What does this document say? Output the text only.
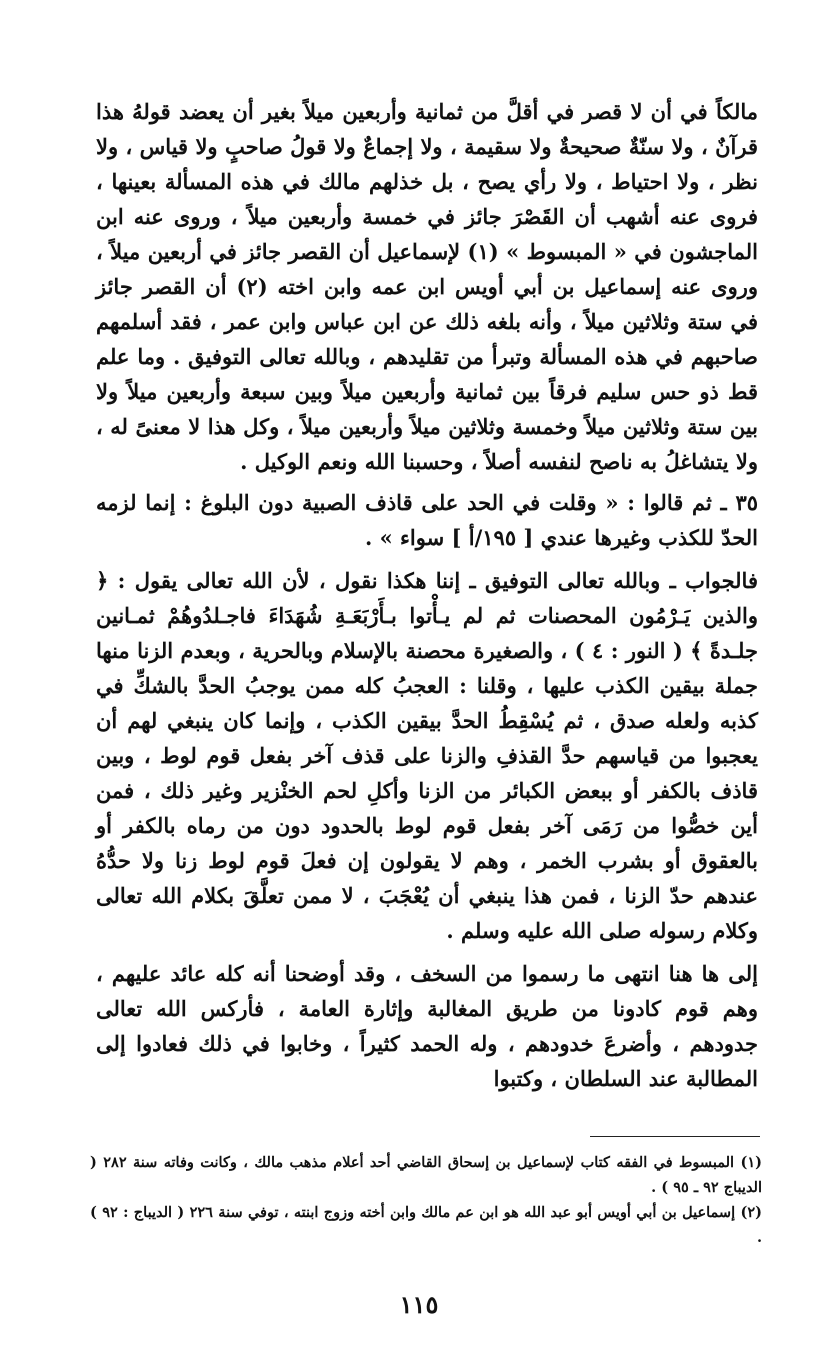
مالكاً في أن لا قصر في أقلَّ من ثمانية وأربعين ميلاً بغير أن يعضد قولهُ هذا قرآنٌ ، ولا سنّةٌ صحيحةٌ ولا سقيمة ، ولا إجماعٌ ولا قولُ صاحبٍ ولا قياس ، ولا نظر ، ولا احتياط ، ولا رأي يصح ، بل خذلهم مالك في هذه المسألة بعينها ، فروى عنه أشهب أن القَصْرَ جائز في خمسة وأربعين ميلاً ، وروى عنه ابن الماجشون في « المبسوط » (١) لإسماعيل أن القصر جائز في أربعين ميلاً ، وروى عنه إسماعيل بن أبي أويس ابن عمه وابن اخته (٢) أن القصر جائز في ستة وثلاثين ميلاً ، وأنه بلغه ذلك عن ابن عباس وابن عمر ، فقد أسلمهم صاحبهم في هذه المسألة وتبرأ من تقليدهم ، وبالله تعالى التوفيق . وما علم قط ذو حس سليم فرقاً بين ثمانية وأربعين ميلاً وبين سبعة وأربعين ميلاً ولا بين ستة وثلاثين ميلاً وخمسة وثلاثين ميلاً وأربعين ميلاً ، وكل هذا لا معنىً له ، ولا يتشاغلُ به ناصح لنفسه أصلاً ، وحسبنا الله ونعم الوكيل .

٣٥ ـ ثم قالوا : « وقلت في الحد على قاذف الصبية دون البلوغ : إنما لزمه الحدّ للكذب وغيرها عندي [ ١٩٥/أ ] سواء » .

فالجواب ـ وبالله تعالى التوفيق ـ إننا هكذا نقول ، لأن الله تعالى يقول : ﴿ والذين يَـرْمُون المحصنات ثم لم يـأْتوا بـأَرْبَعَـةِ شُهَدَاءَ فاجـلدُوهُمْ ثمـانين جلـدةً ﴾ ( النور : ٤ ) ، والصغيرة محصنة بالإسلام وبالحرية ، وبعدم الزنا منها جملة بيقين الكذب عليها ، وقلنا : العجبُ كله ممن يوجبُ الحدَّ بالشكِّ في كذبه ولعله صدق ، ثم يُسْقِطُ الحدَّ بيقين الكذب ، وإنما كان ينبغي لهم أن يعجبوا من قياسهم حدَّ القذفِ والزنا على قذف آخر بفعل قوم لوط ، وبين قاذف بالكفر أو ببعض الكبائر من الزنا وأكلِ لحم الخنْزير وغير ذلك ، فمن أين خصُّوا من رَمَى آخر بفعل قوم لوط بالحدود دون من رماه بالكفر أو بالعقوق أو بشرب الخمر ، وهم لا يقولون إن فعلَ قوم لوط زنا ولا حدُّهُ عندهم حدّ الزنا ، فمن هذا ينبغي أن يُعْجَبَ ، لا ممن تعلَّقَ بكلام الله تعالى وكلام رسوله صلى الله عليه وسلم .

إلى ها هنا انتهى ما رسموا من السخف ، وقد أوضحنا أنه كله عائد عليهم ، وهم قوم كادونا من طريق المغالبة وإثارة العامة ، فأركس الله تعالى جدودهم ، وأضرعَ خدودهم ، وله الحمد كثيراً ، وخابوا في ذلك فعادوا إلى المطالبة عند السلطان ، وكتبوا

(١) المبسوط في الفقه كتاب لإسماعيل بن إسحاق القاضي أحد أعلام مذهب مالك ، وكانت وفاته سنة ٢٨٢ ( الديباج ٩٢ ـ ٩٥ ) .

(٢) إسماعيل بن أبي أويس أبو عبد الله هو ابن عم مالك وابن أخته وزوج ابنته ، توفي سنة ٢٢٦ ( الديباج : ٩٢ ) .

١١٥
